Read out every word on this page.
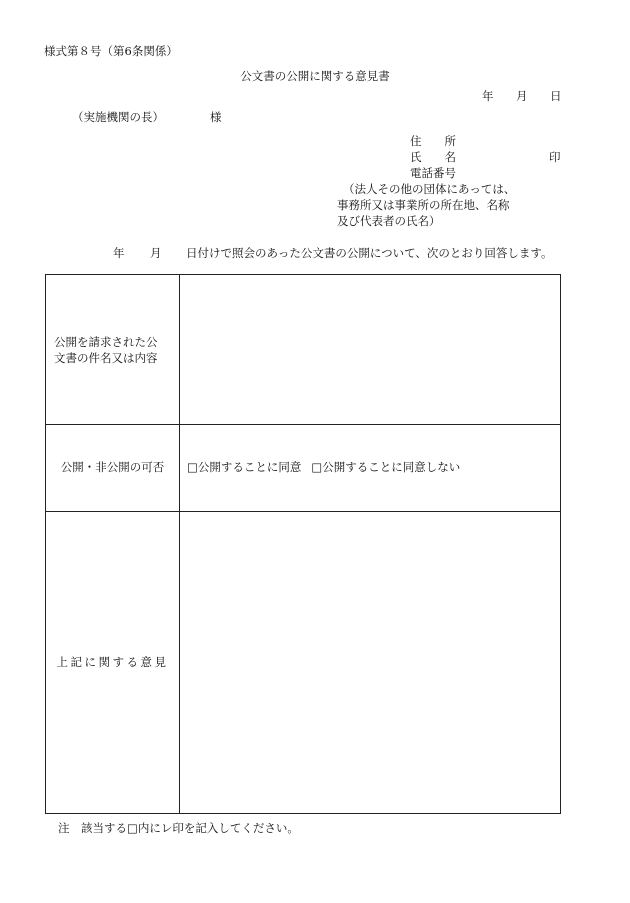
様式第８号（第6条関係）
公文書の公開に関する意見書
年 月 日
（実施機関の長）	様
住　　所
氏　　名	印
電話番号
（法人その他の団体にあっては、
事務所又は事業所の所在地、名称
及び代表者の氏名）
年 月 日付けで照会のあった公文書の公開について、次のとおり回答します。
公開を請求された公文書の件名又は内容
公開・非公開の可否 □公開することに同意 □公開することに同意しない
上記に関する意見
注　該当する□内にレ印を記入してください。
